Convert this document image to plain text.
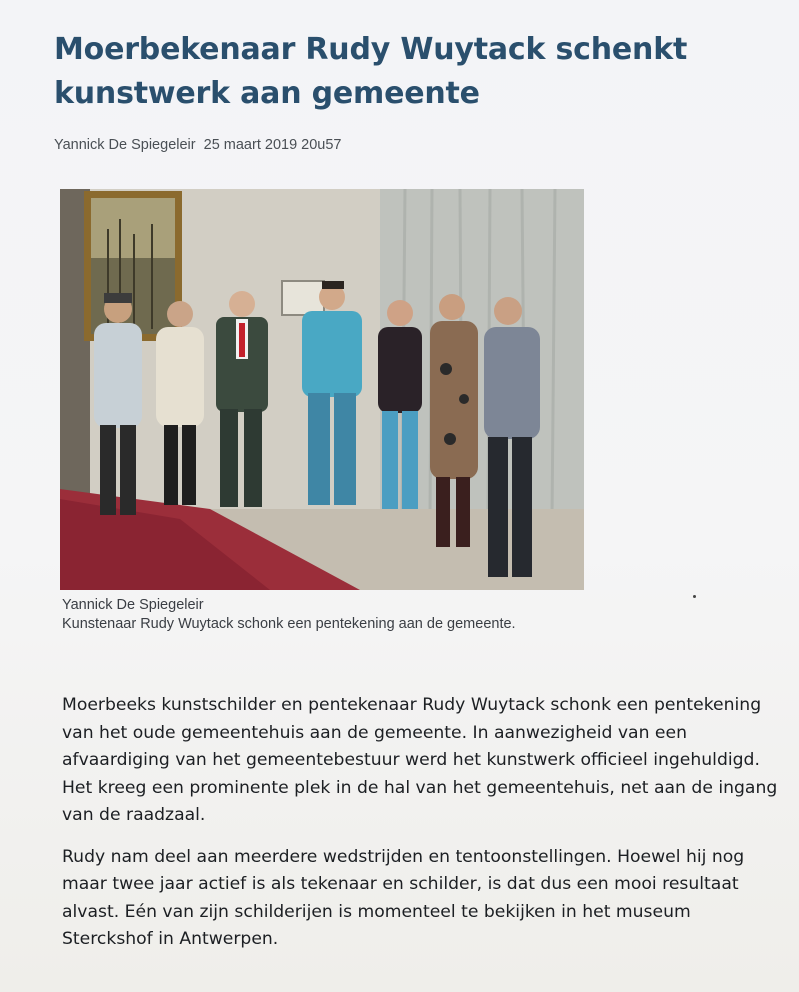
Moerbekenaar Rudy Wuytack schenkt
kunstwerk aan gemeente
Yannick De Spiegeleir 25 maart 2019 20u57
Yannick De Spiegeleir
Kunstenaar Rudy Wuytack schonk een pentekening aan de gemeente.

Moerbeeks kunstschilder en pentekenaar Rudy Wuytack schonk een pentekening van het oude gemeentehuis aan de gemeente. In aanwezigheid van een afvaardiging van het gemeentebestuur werd het kunstwerk officieel ingehuldigd. Het kreeg een prominente plek in de hal van het gemeentehuis, net aan de ingang van de raadzaal.

Rudy nam deel aan meerdere wedstrijden en tentoonstellingen. Hoewel hij nog maar twee jaar actief is als tekenaar en schilder, is dat dus een mooi resultaat alvast. Eén van zijn schilderijen is momenteel te bekijken in het museum Sterckshof in Antwerpen.
